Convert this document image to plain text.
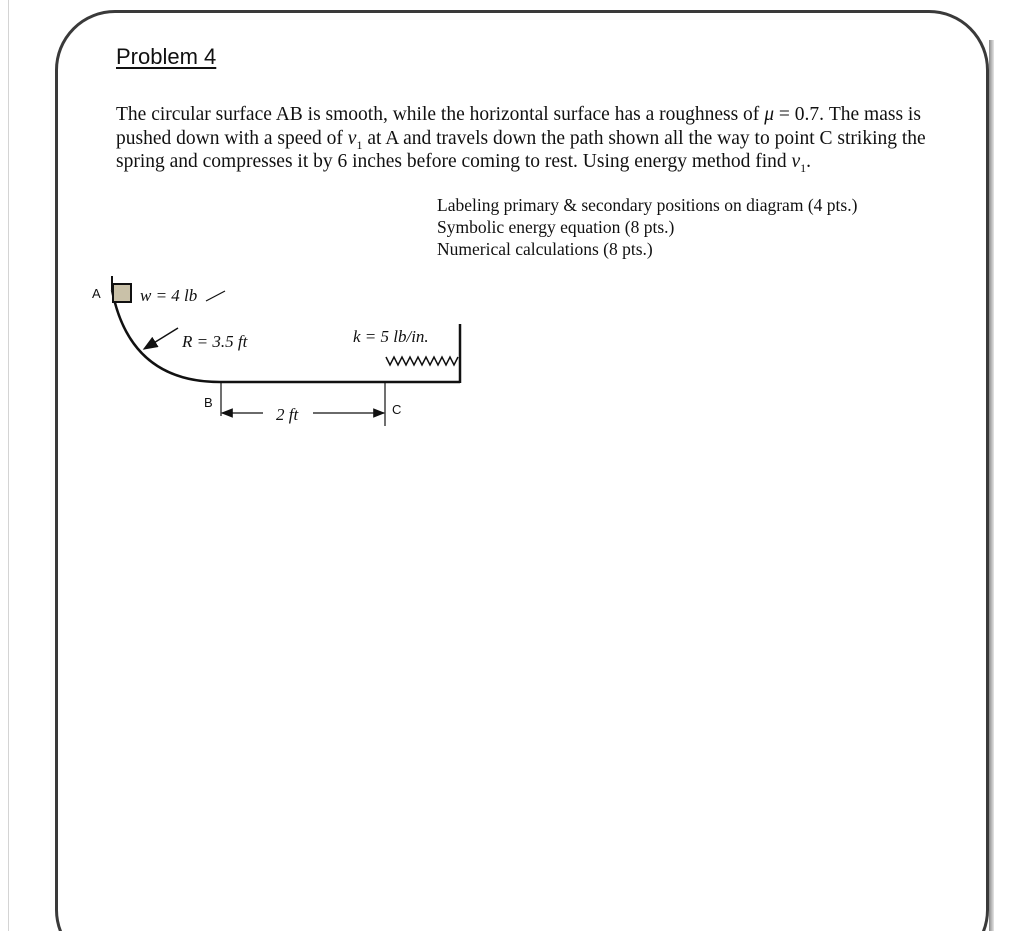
Problem 4

The circular surface AB is smooth, while the horizontal surface has a roughness of μ = 0.7. The mass is pushed down with a speed of $v_1$ at A and travels down the path shown all the way to point C striking the spring and compresses it by 6 inches before coming to rest. Using energy method find $v_1$.

Labeling primary & secondary positions on diagram (4 pts.)
Symbolic energy equation (8 pts.)
Numerical calculations (8 pts.)
A w = 4 lb
R = 3.5 ft	k = 5 lb/in.
B	C
2 ft
